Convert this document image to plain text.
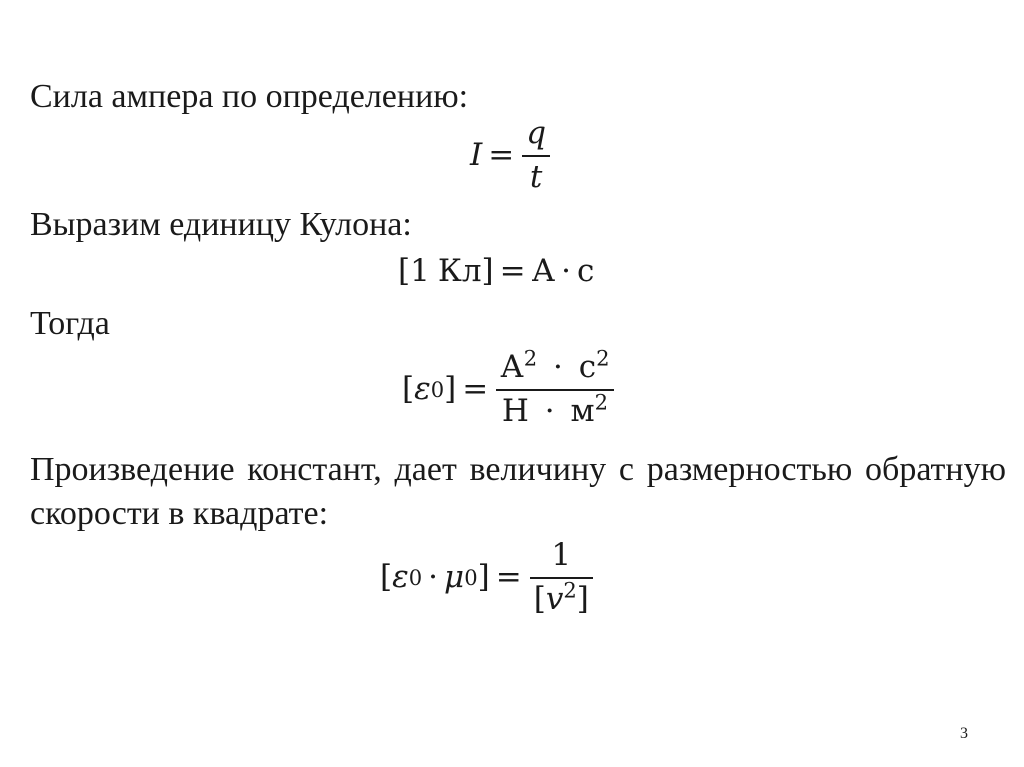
Сила ампера по определению:
$I = \frac{q}{t}$
Выразим единицу Кулона:
[ 1 Кл ] = А · с
Тогда
[ ε 0 ] = $\frac{А^2 \cdot с^2}{Н \cdot м^2}$
Произведение констант, дает величину с размерностью обратную скорости в квадрате:
[ ε 0 · μ 0 ] = $\frac{1}{[v^2]}$
3
